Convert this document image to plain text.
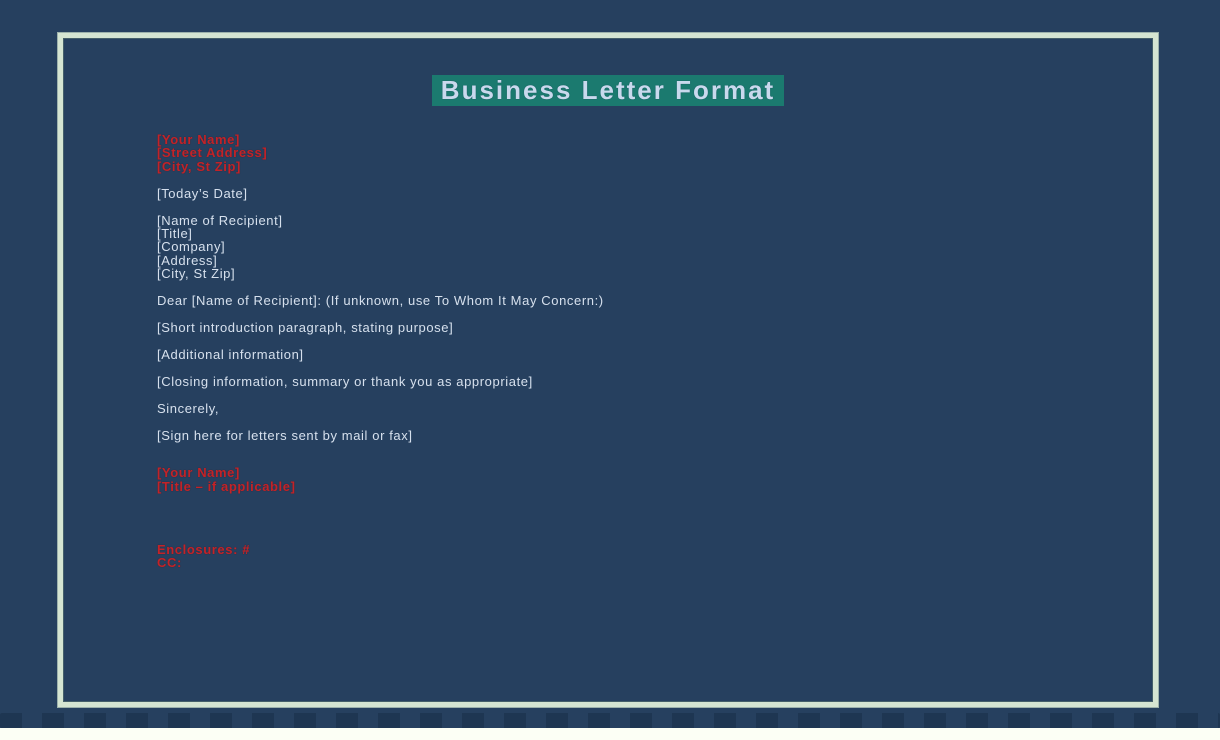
Business Letter Format
[Your Name]
[Street Address]
[City, St Zip]
[Today’s Date]
[Name of Recipient]
[Title]
[Company]
[Address]
[City, St Zip]
Dear [Name of Recipient]: (If unknown, use To Whom It May Concern:)
[Short introduction paragraph, stating purpose]
[Additional information]
[Closing information, summary or thank you as appropriate]
Sincerely,
[Sign here for letters sent by mail or fax]
[Your Name]
[Title – if applicable]
Enclosures: #
CC:
